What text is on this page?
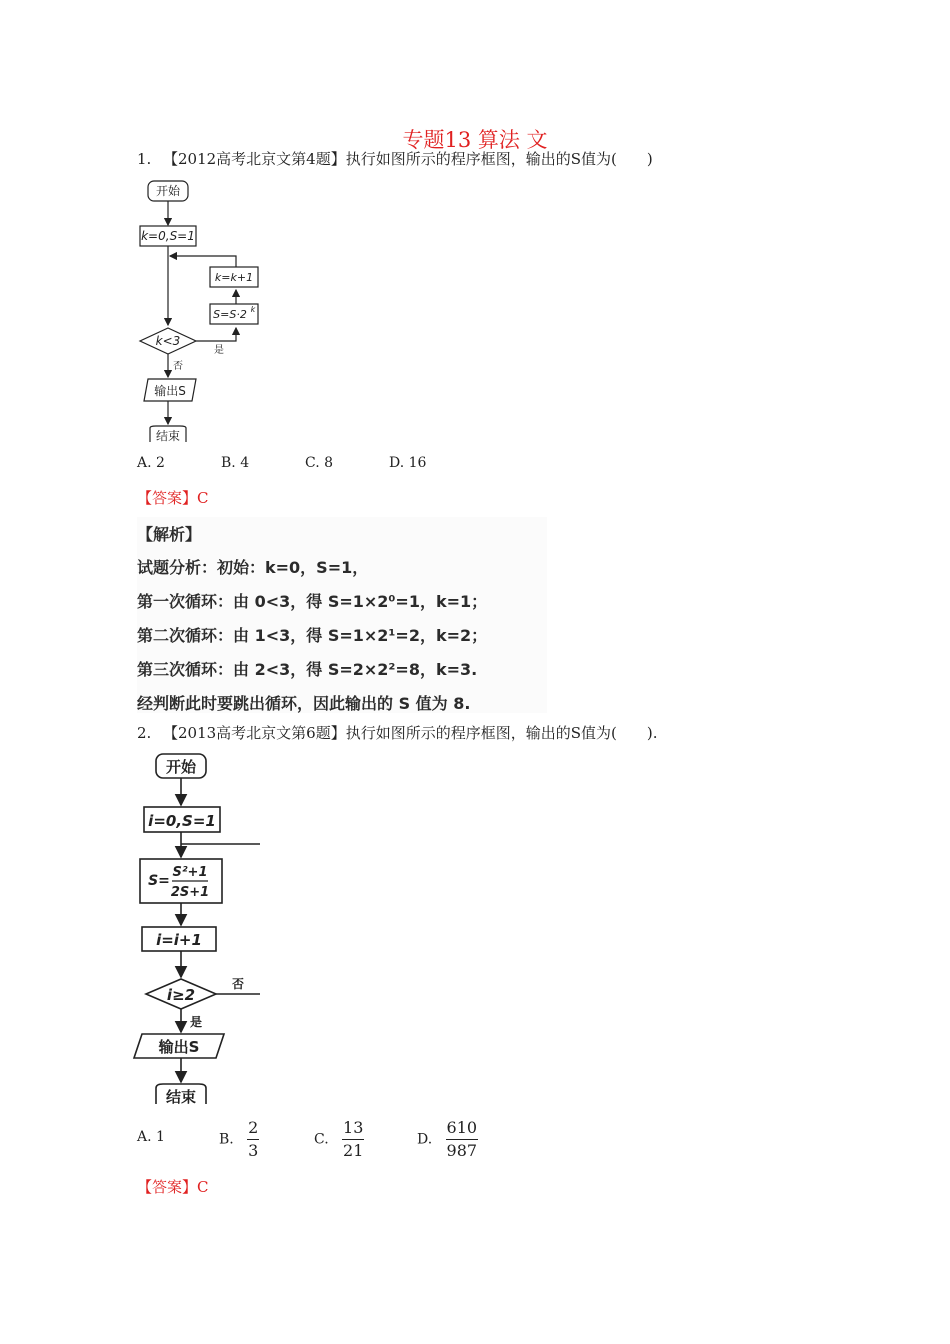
专题13 算法 文
1. 【2012高考北京文第4题】执行如图所示的程序框图，输出的S值为(　　)
开始
k=0,S=1
k=k+1
S=S·2 k
k<3
是
否
输出S
结束
A. 2	B. 4	C. 8	D. 16
【答案】C
【解析】
试题分析：初始：k=0，S=1，
第一次循环：由 0<3，得 S=1×2⁰=1，k=1；
第二次循环：由 1<3，得 S=1×2¹=2，k=2；
第三次循环：由 2<3，得 S=2×2²=8，k=3.
经判断此时要跳出循环，因此输出的 S 值为 8.
2. 【2013高考北京文第6题】执行如图所示的程序框图，输出的S值为(　　).
开始
i=0,S=1
S=
S²+1
2S+1
i=i+1
i≥2
否
是
输出S
结束
A. 1	B. $\frac{2}{3}$	C. $\frac{13}{21}$	D. $\frac{610}{987}$
【答案】C
